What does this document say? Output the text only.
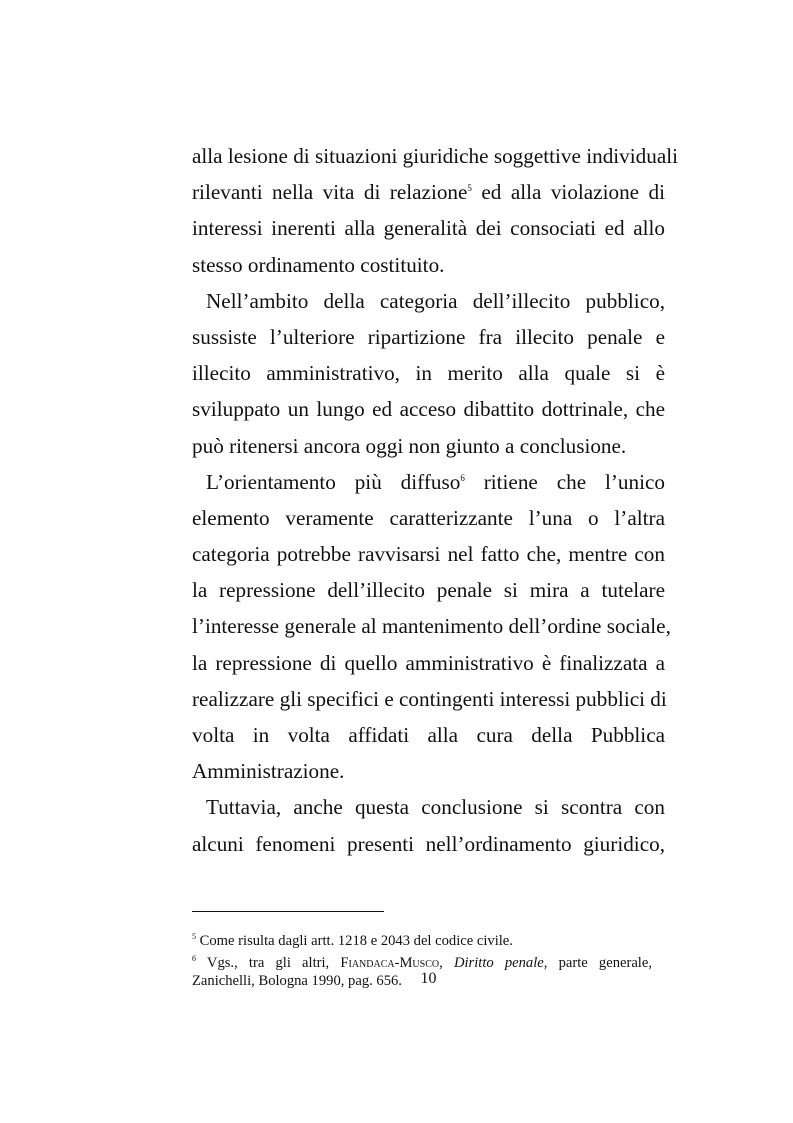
alla lesione di situazioni giuridiche soggettive individuali
rilevanti nella vita di relazione$^5$ ed alla violazione di
interessi inerenti alla generalità dei consociati ed allo
stesso ordinamento costituito.
Nell’ambito della categoria dell’illecito pubblico,
sussiste l’ulteriore ripartizione fra illecito penale e
illecito amministrativo, in merito alla quale si è
sviluppato un lungo ed acceso dibattito dottrinale, che
può ritenersi ancora oggi non giunto a conclusione.
L’orientamento più diffuso$^6$ ritiene che l’unico
elemento veramente caratterizzante l’una o l’altra
categoria potrebbe ravvisarsi nel fatto che, mentre con
la repressione dell’illecito penale si mira a tutelare
l’interesse generale al mantenimento dell’ordine sociale,
la repressione di quello amministrativo è finalizzata a
realizzare gli specifici e contingenti interessi pubblici di
volta in volta affidati alla cura della Pubblica
Amministrazione.
Tuttavia, anche questa conclusione si scontra con
alcuni fenomeni presenti nell’ordinamento giuridico,

$^5$ Come risulta dagli artt. 1218 e 2043 del codice civile.

$^6$ Vgs., tra gli altri, Fiandaca-Musco, Diritto penale, parte generale,
Zanichelli, Bologna 1990, pag. 656.	10
